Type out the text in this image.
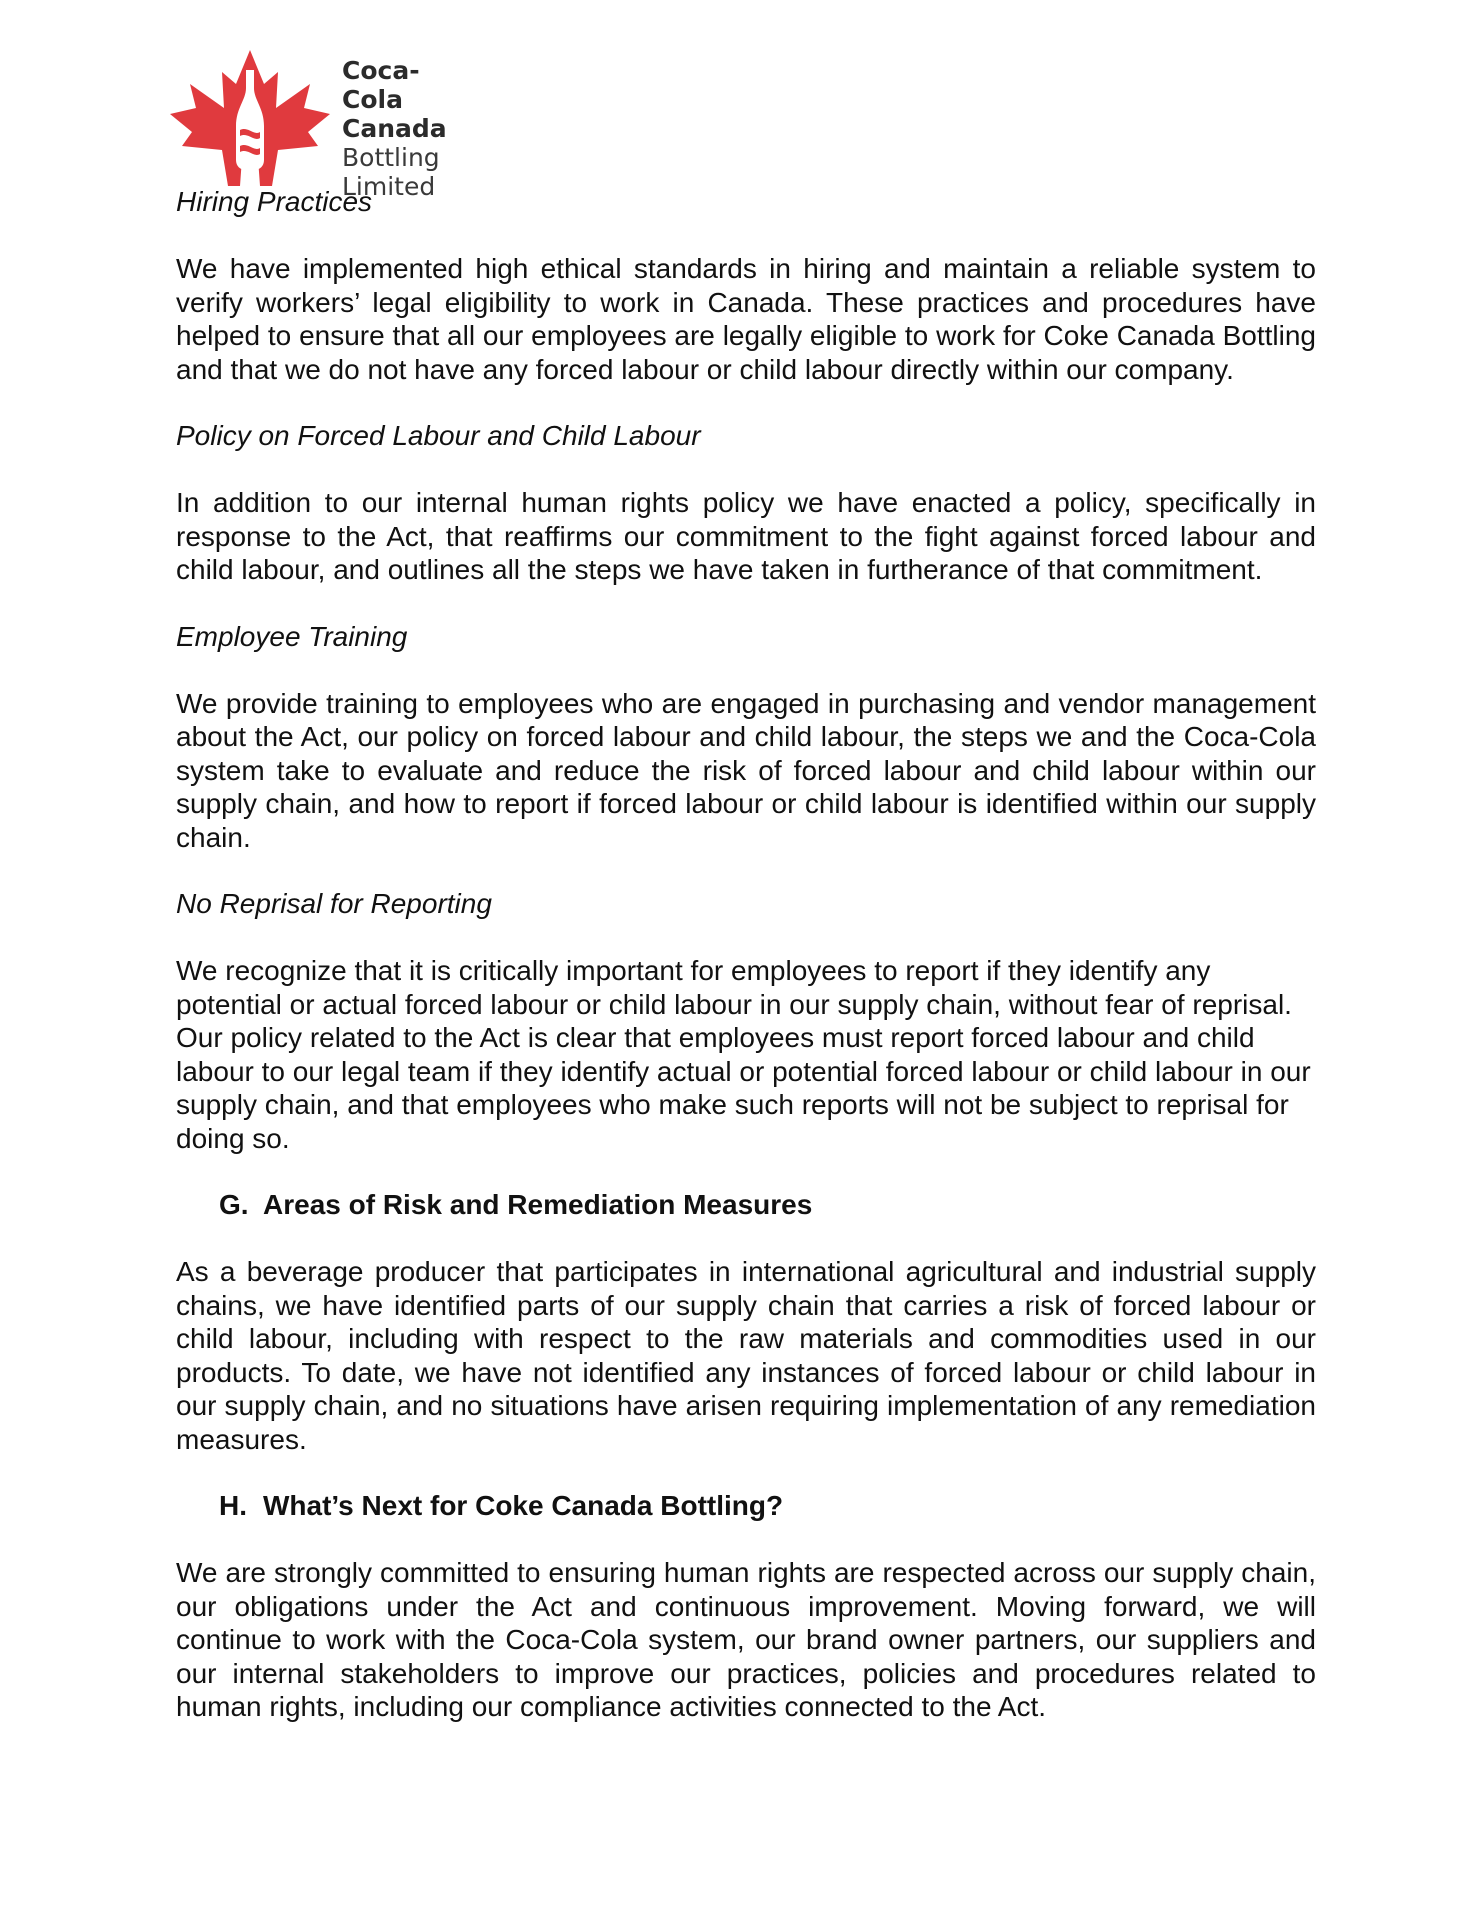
Coca-Cola
Canada
Bottling
Limited
Hiring Practices

We have implemented high ethical standards in hiring and maintain a reliable system to verify workers’ legal eligibility to work in Canada. These practices and procedures have helped to ensure that all our employees are legally eligible to work for Coke Canada Bottling and that we do not have any forced labour or child labour directly within our company.

Policy on Forced Labour and Child Labour

In addition to our internal human rights policy we have enacted a policy, specifically in response to the Act, that reaffirms our commitment to the fight against forced labour and child labour, and outlines all the steps we have taken in furtherance of that commitment.

Employee Training

We provide training to employees who are engaged in purchasing and vendor management about the Act, our policy on forced labour and child labour, the steps we and the Coca-Cola system take to evaluate and reduce the risk of forced labour and child labour within our supply chain, and how to report if forced labour or child labour is identified within our supply chain.

No Reprisal for Reporting

We recognize that it is critically important for employees to report if they identify any potential or actual forced labour or child labour in our supply chain, without fear of reprisal. Our policy related to the Act is clear that employees must report forced labour and child labour to our legal team if they identify actual or potential forced labour or child labour in our supply chain, and that employees who make such reports will not be subject to reprisal for doing so.

G. Areas of Risk and Remediation Measures

As a beverage producer that participates in international agricultural and industrial supply chains, we have identified parts of our supply chain that carries a risk of forced labour or child labour, including with respect to the raw materials and commodities used in our products. To date, we have not identified any instances of forced labour or child labour in our supply chain, and no situations have arisen requiring implementation of any remediation measures.

H. What’s Next for Coke Canada Bottling?

We are strongly committed to ensuring human rights are respected across our supply chain, our obligations under the Act and continuous improvement. Moving forward, we will continue to work with the Coca-Cola system, our brand owner partners, our suppliers and our internal stakeholders to improve our practices, policies and procedures related to human rights, including our compliance activities connected to the Act.
